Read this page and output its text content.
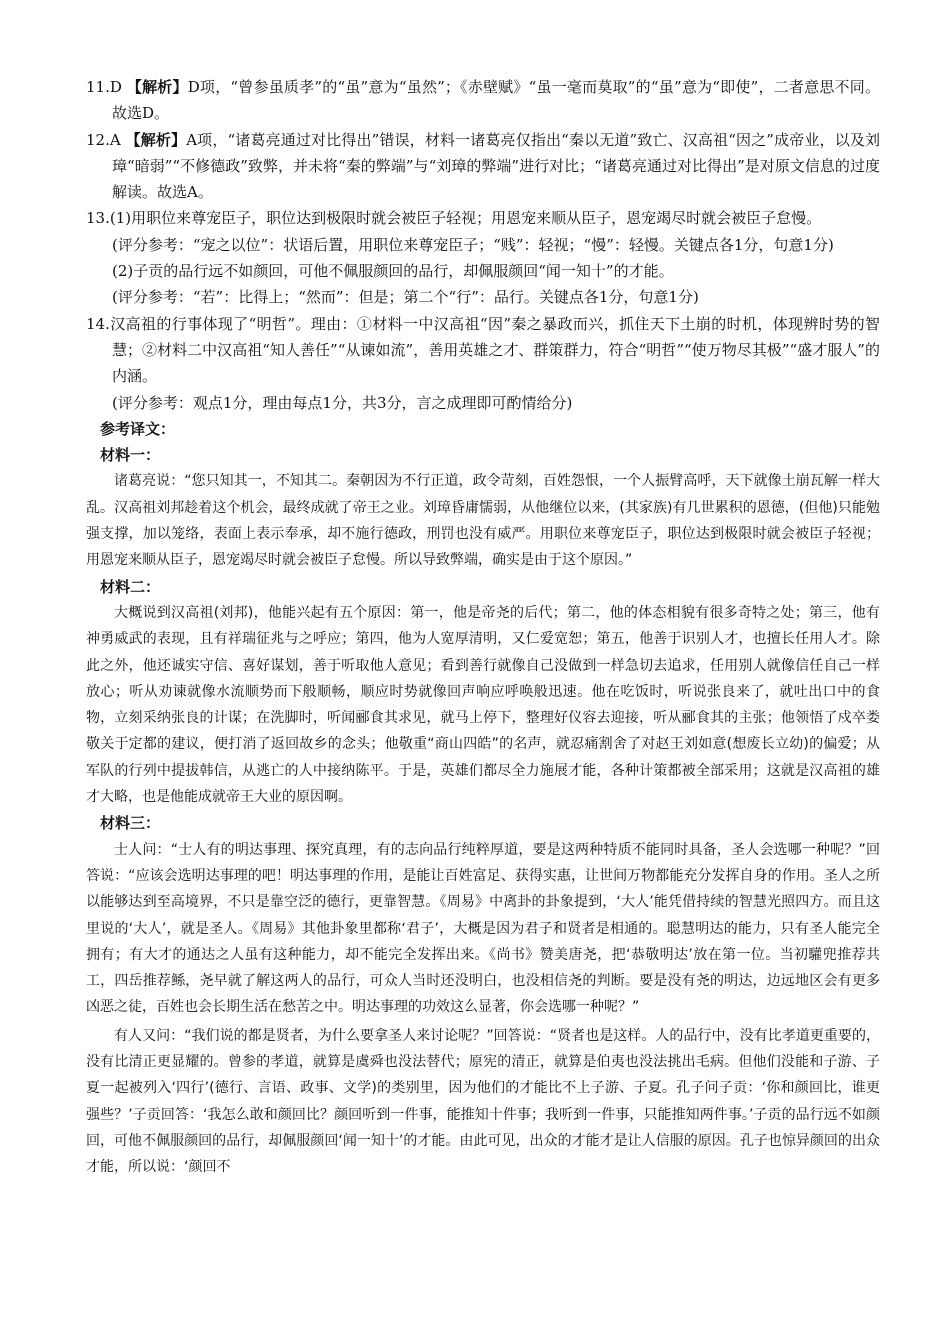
11.D 【解析】D项，“曾参虽质孝”的“虽”意为“虽然”；《赤壁赋》“虽一毫而莫取”的“虽”意为“即使”，二者意思不同。故选D。

12.A 【解析】A项，“诸葛亮通过对比得出”错误，材料一诸葛亮仅指出“秦以无道”致亡、汉高祖“因之”成帝业，以及刘璋“暗弱”“不修德政”致弊，并未将“秦的弊端”与“刘璋的弊端”进行对比；“诸葛亮通过对比得出”是对原文信息的过度解读。故选A。

13.(1)用职位来尊宠臣子，职位达到极限时就会被臣子轻视；用恩宠来顺从臣子，恩宠竭尽时就会被臣子怠慢。

(评分参考：“宠之以位”：状语后置，用职位来尊宠臣子；“贱”：轻视；“慢”：轻慢。关键点各1分，句意1分)

(2)子贡的品行远不如颜回，可他不佩服颜回的品行，却佩服颜回“闻一知十”的才能。

(评分参考：“若”：比得上；“然而”：但是；第二个“行”：品行。关键点各1分，句意1分)

14.汉高祖的行事体现了“明哲”。理由：①材料一中汉高祖“因”秦之暴政而兴，抓住天下土崩的时机，体现辨时势的智慧；②材料二中汉高祖“知人善任”“从谏如流”，善用英雄之才、群策群力，符合“明哲”“使万物尽其极”“盛才服人”的内涵。

(评分参考：观点1分，理由每点1分，共3分，言之成理即可酌情给分)

参考译文：

材料一：

诸葛亮说：“您只知其一，不知其二。秦朝因为不行正道，政令苛刻，百姓怨恨，一个人振臂高呼，天下就像土崩瓦解一样大乱。汉高祖刘邦趁着这个机会，最终成就了帝王之业。刘璋昏庸懦弱，从他继位以来，(其家族)有几世累积的恩德，(但他)只能勉强支撑，加以笼络，表面上表示奉承，却不施行德政，刑罚也没有威严。用职位来尊宠臣子，职位达到极限时就会被臣子轻视；用恩宠来顺从臣子，恩宠竭尽时就会被臣子怠慢。所以导致弊端，确实是由于这个原因。”

材料二：

大概说到汉高祖(刘邦)，他能兴起有五个原因：第一，他是帝尧的后代；第二，他的体态相貌有很多奇特之处；第三，他有神勇威武的表现，且有祥瑞征兆与之呼应；第四，他为人宽厚清明，又仁爱宽恕；第五，他善于识别人才，也擅长任用人才。除此之外，他还诚实守信、喜好谋划，善于听取他人意见；看到善行就像自己没做到一样急切去追求，任用别人就像信任自己一样放心；听从劝谏就像水流顺势而下般顺畅，顺应时势就像回声响应呼唤般迅速。他在吃饭时，听说张良来了，就吐出口中的食物，立刻采纳张良的计谋；在洗脚时，听闻郦食其求见，就马上停下，整理好仪容去迎接，听从郦食其的主张；他领悟了戍卒娄敬关于定都的建议，便打消了返回故乡的念头；他敬重“商山四皓”的名声，就忍痛割舍了对赵王刘如意(想废长立幼)的偏爱；从军队的行列中提拔韩信，从逃亡的人中接纳陈平。于是，英雄们都尽全力施展才能，各种计策都被全部采用；这就是汉高祖的雄才大略，也是他能成就帝王大业的原因啊。

材料三：

士人问：“士人有的明达事理、探究真理，有的志向品行纯粹厚道，要是这两种特质不能同时具备，圣人会选哪一种呢？”回答说：“应该会选明达事理的吧！明达事理的作用，是能让百姓富足、获得实惠，让世间万物都能充分发挥自身的作用。圣人之所以能够达到至高境界，不只是靠空泛的德行，更靠智慧。《周易》中离卦的卦象提到，‘大人’能凭借持续的智慧光照四方。而且这里说的‘大人’，就是圣人。《周易》其他卦象里都称‘君子’，大概是因为君子和贤者是相通的。聪慧明达的能力，只有圣人能完全拥有；有大才的通达之人虽有这种能力，却不能完全发挥出来。《尚书》赞美唐尧，把‘恭敬明达’放在第一位。当初驩兜推荐共工，四岳推荐鲧，尧早就了解这两人的品行，可众人当时还没明白，也没相信尧的判断。要是没有尧的明达，边远地区会有更多凶恶之徒，百姓也会长期生活在愁苦之中。明达事理的功效这么显著，你会选哪一种呢？”

有人又问：“我们说的都是贤者，为什么要拿圣人来讨论呢？”回答说：“贤者也是这样。人的品行中，没有比孝道更重要的，没有比清正更显耀的。曾参的孝道，就算是虞舜也没法替代；原宪的清正，就算是伯夷也没法挑出毛病。但他们没能和子游、子夏一起被列入‘四行’(德行、言语、政事、文学)的类别里，因为他们的才能比不上子游、子夏。孔子问子贡：‘你和颜回比，谁更强些？’子贡回答：‘我怎么敢和颜回比？颜回听到一件事，能推知十件事；我听到一件事，只能推知两件事。’子贡的品行远不如颜回，可他不佩服颜回的品行，却佩服颜回‘闻一知十’的才能。由此可见，出众的才能才是让人信服的原因。孔子也惊异颜回的出众才能，所以说：‘颜回不
